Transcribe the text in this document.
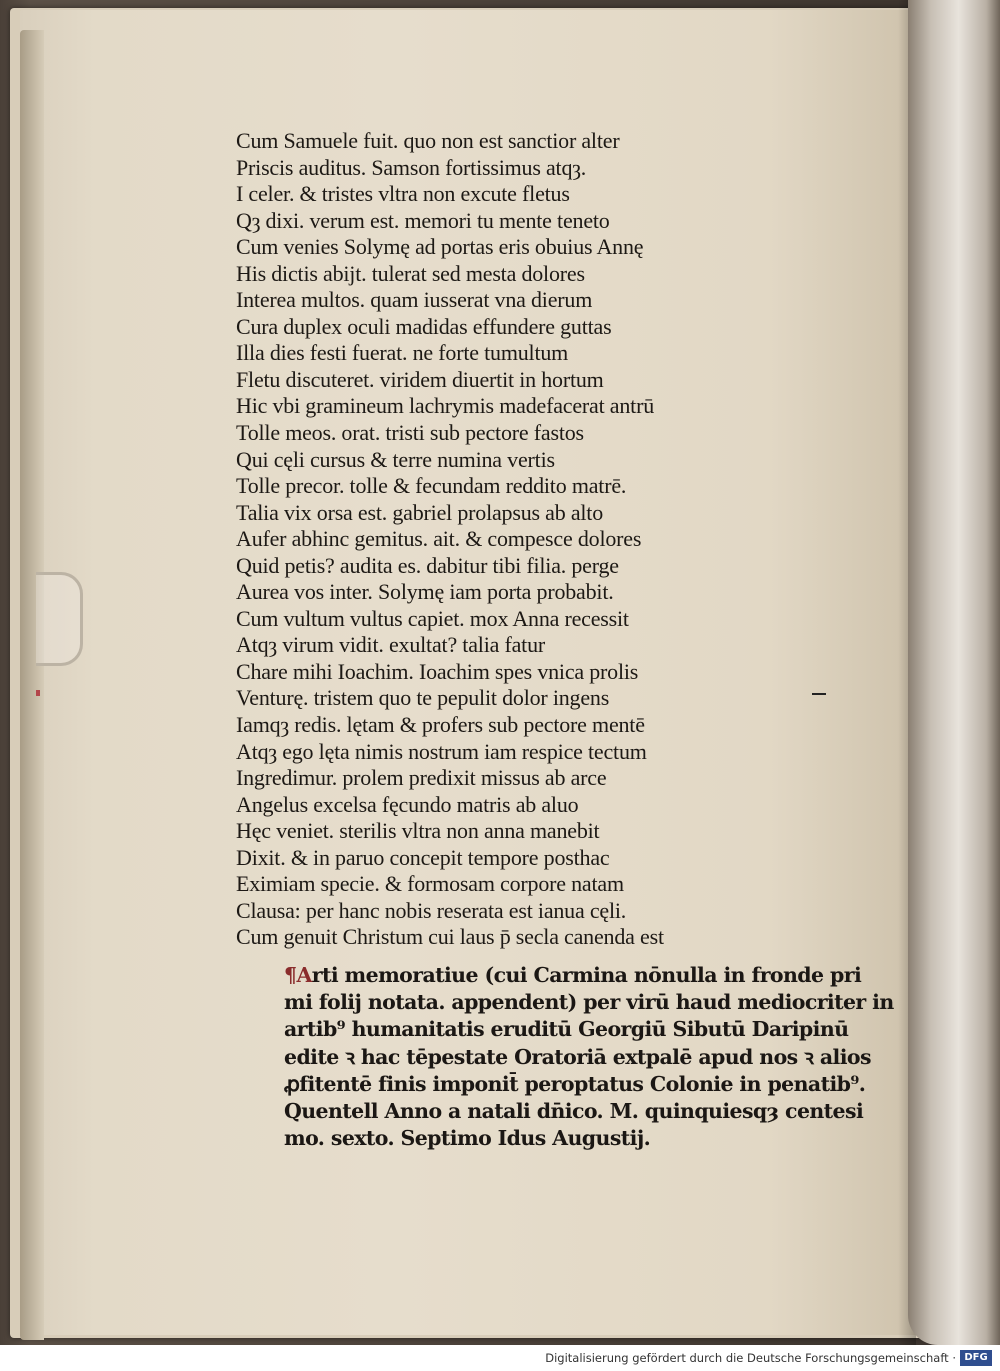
Cum Samuele fuit. quo non est sanctior alter
Priscis auditus. Samson fortissimus atqȝ.
I celer. & tristes vltra non excute fletus
Qȝ dixi. verum est. memori tu mente teneto
Cum venies Solymę ad portas eris obuius Annę
His dictis abijt. tulerat sed mesta dolores
Interea multos. quam iusserat vna dierum
Cura duplex oculi madidas effundere guttas
Illa dies festi fuerat. ne forte tumultum
Fletu discuteret. viridem diuertit in hortum
Hic vbi gramineum lachrymis madefacerat antrū
Tolle meos. orat. tristi sub pectore fastos
Qui cęli cursus & terre numina vertis
Tolle precor. tolle & fecundam reddito matrē.
Talia vix orsa est. gabriel prolapsus ab alto
Aufer abhinc gemitus. ait. & compesce dolores
Quid petis? audita es. dabitur tibi filia. perge
Aurea vos inter. Solymę iam porta probabit.
Cum vultum vultus capiet. mox Anna recessit
Atqȝ virum vidit. exultat? talia fatur
Chare mihi Ioachim. Ioachim spes vnica prolis
Venturę. tristem quo te pepulit dolor ingens
Iamqȝ redis. lętam & profers sub pectore mentē
Atqȝ ego lęta nimis nostrum iam respice tectum
Ingredimur. prolem predixit missus ab arce
Angelus excelsa fęcundo matris ab aluo
Hęc veniet. sterilis vltra non anna manebit
Dixit. & in paruo concepit tempore posthac
Eximiam specie. & formosam corpore natam
Clausa: per hanc nobis reserata est ianua cęli.
Cum genuit Christum cui laus p̄ secla canenda est
¶Arti memoratiue (cui Carmina nōnulla in fronde pri
mi folij notata. appendent) per virū haud mediocriter in
artib⁹ humanitatis eruditū Georgiū Sibutū Daripinū
edite ꝛ hac tēpestate Oratoriā extpalē apud nos ꝛ alios
ꝓfitentē finis imponit̄ peroptatus Colonie in penatib⁹.
Quentell Anno a natali dn̄ico. M. quinquiesqȝ centesi
mo. sexto. Septimo Idus Augustij.
Digitalisierung gefördert durch die Deutsche Forschungsgemeinschaft · DFG
